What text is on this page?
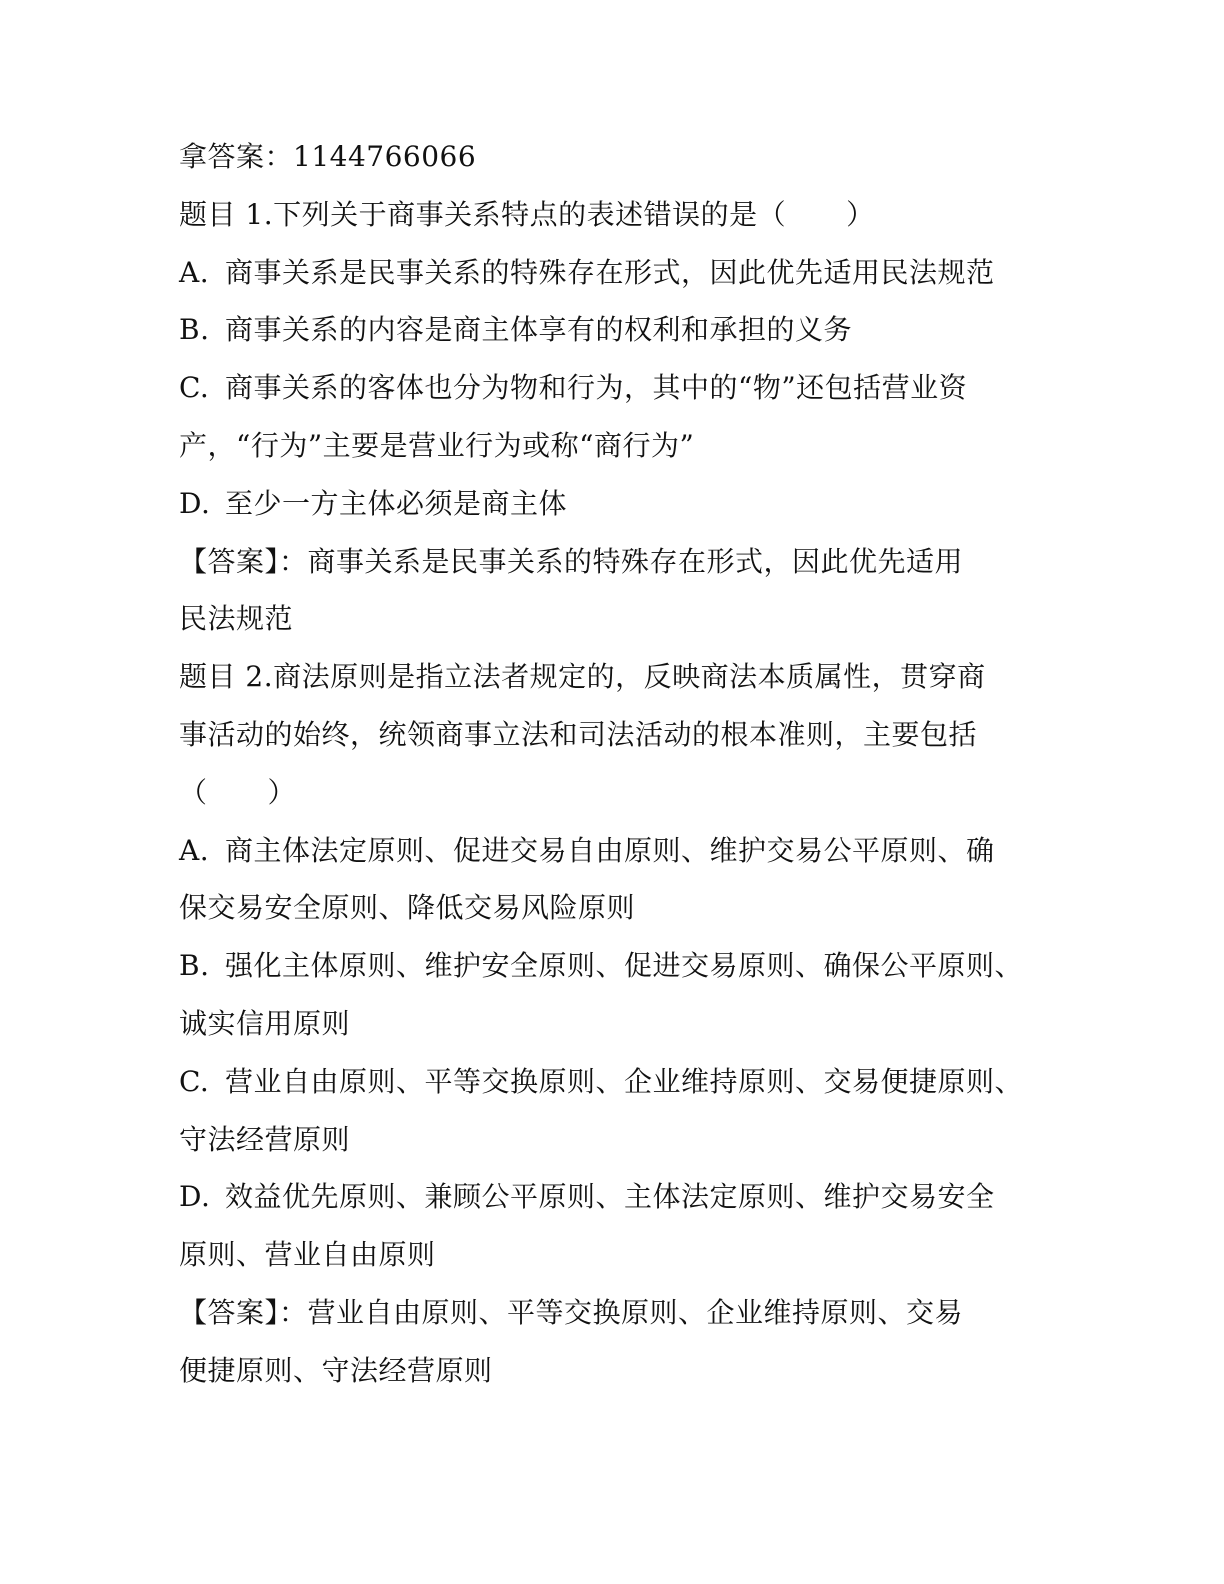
拿答案：1144766066
题目 1.下列关于商事关系特点的表述错误的是（ ）
A. 商事关系是民事关系的特殊存在形式，因此优先适用民法规范
B. 商事关系的内容是商主体享有的权利和承担的义务
C. 商事关系的客体也分为物和行为，其中的“物”还包括营业资
产，“行为”主要是营业行为或称“商行为”
D. 至少一方主体必须是商主体
【答案】：商事关系是民事关系的特殊存在形式，因此优先适用
民法规范
题目 2.商法原则是指立法者规定的，反映商法本质属性，贯穿商
事活动的始终，统领商事立法和司法活动的根本准则，主要包括
（ ）
A. 商主体法定原则、促进交易自由原则、维护交易公平原则、确
保交易安全原则、降低交易风险原则
B. 强化主体原则、维护安全原则、促进交易原则、确保公平原则、
诚实信用原则
C. 营业自由原则、平等交换原则、企业维持原则、交易便捷原则、
守法经营原则
D. 效益优先原则、兼顾公平原则、主体法定原则、维护交易安全
原则、营业自由原则
【答案】：营业自由原则、平等交换原则、企业维持原则、交易
便捷原则、守法经营原则
